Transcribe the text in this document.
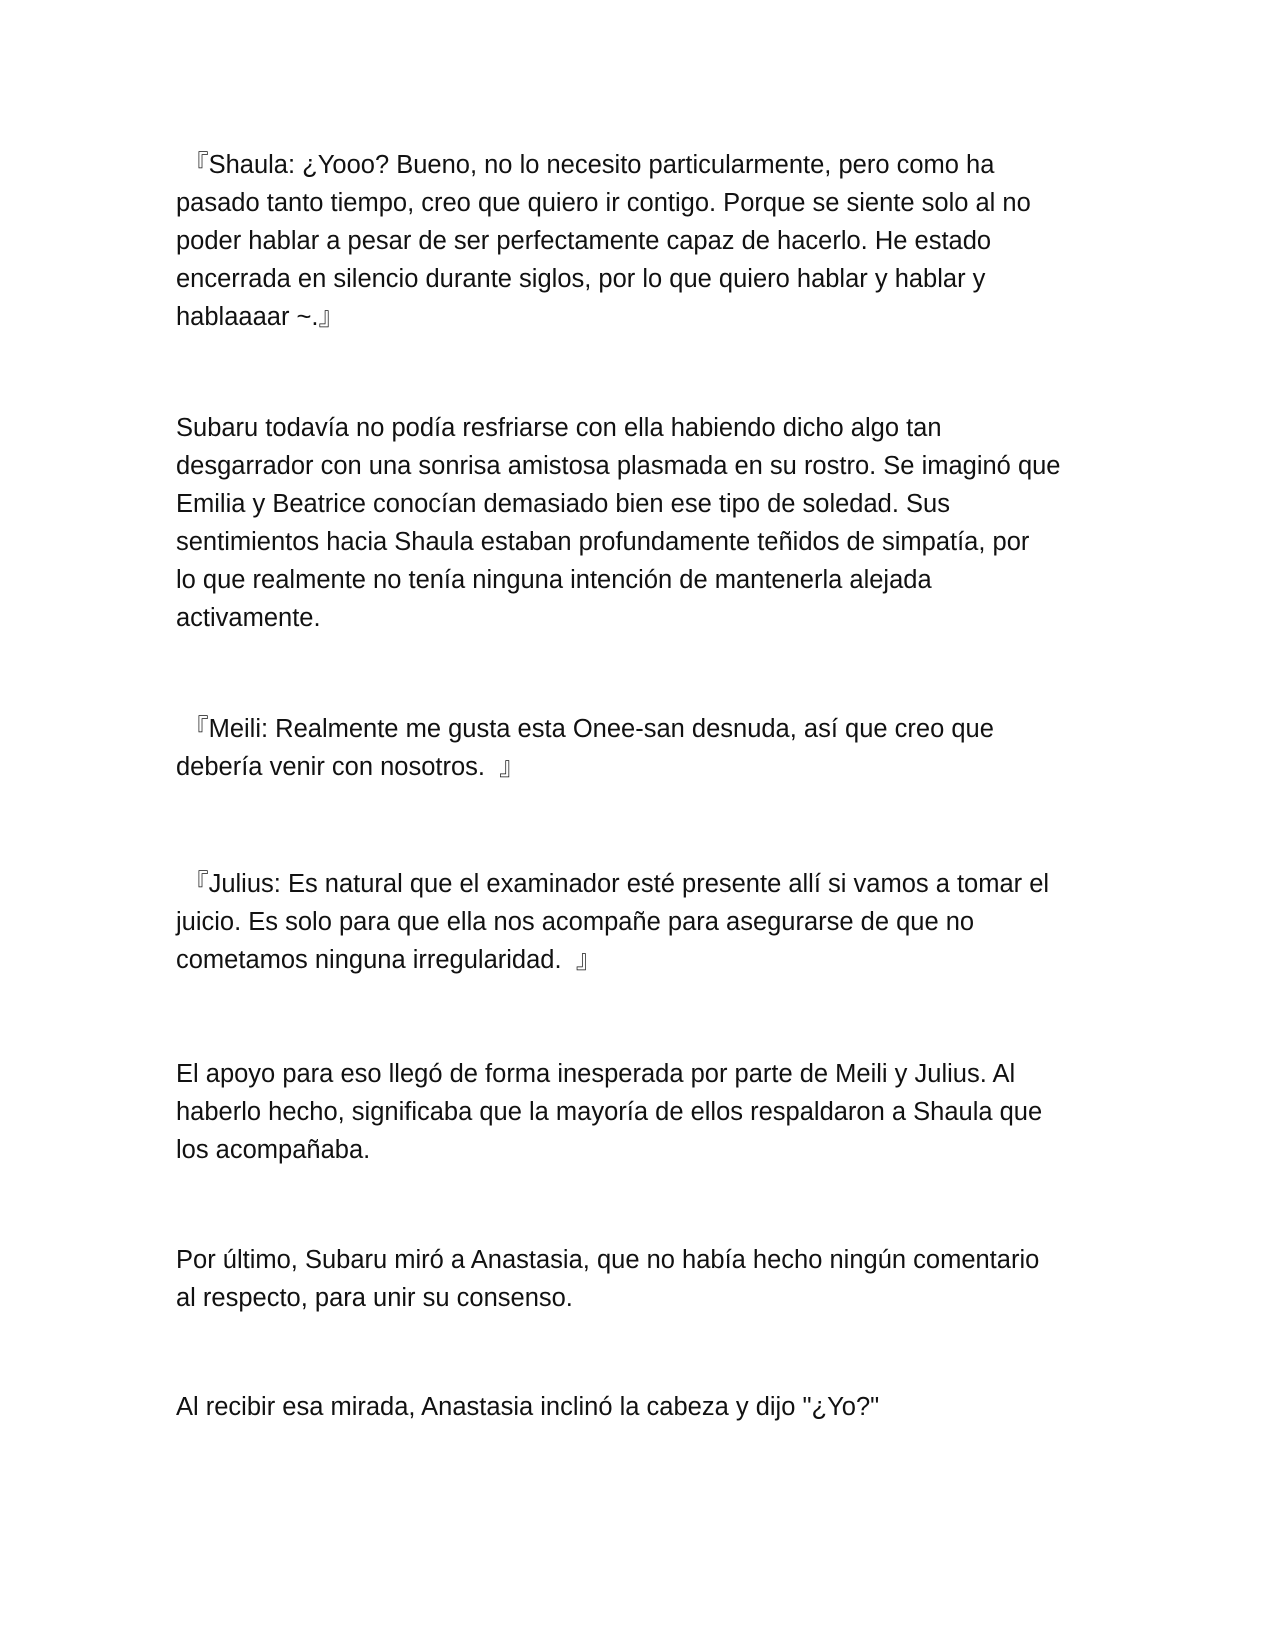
『Shaula: ¿Yooo? Bueno, no lo necesito particularmente, pero como ha
pasado tanto tiempo, creo que quiero ir contigo. Porque se siente solo al no
poder hablar a pesar de ser perfectamente capaz de hacerlo. He estado
encerrada en silencio durante siglos, por lo que quiero hablar y hablar y
hablaaaar ~.』

Subaru todavía no podía resfriarse con ella habiendo dicho algo tan
desgarrador con una sonrisa amistosa plasmada en su rostro. Se imaginó que
Emilia y Beatrice conocían demasiado bien ese tipo de soledad. Sus
sentimientos hacia Shaula estaban profundamente teñidos de simpatía, por
lo que realmente no tenía ninguna intención de mantenerla alejada
activamente.

『Meili: Realmente me gusta esta Onee-san desnuda, así que creo que
debería venir con nosotros.  』

『Julius: Es natural que el examinador esté presente allí si vamos a tomar el
juicio. Es solo para que ella nos acompañe para asegurarse de que no
cometamos ninguna irregularidad.  』

El apoyo para eso llegó de forma inesperada por parte de Meili y Julius. Al
haberlo hecho, significaba que la mayoría de ellos respaldaron a Shaula que
los acompañaba.

Por último, Subaru miró a Anastasia, que no había hecho ningún comentario
al respecto, para unir su consenso.

Al recibir esa mirada, Anastasia inclinó la cabeza y dijo "¿Yo?"
